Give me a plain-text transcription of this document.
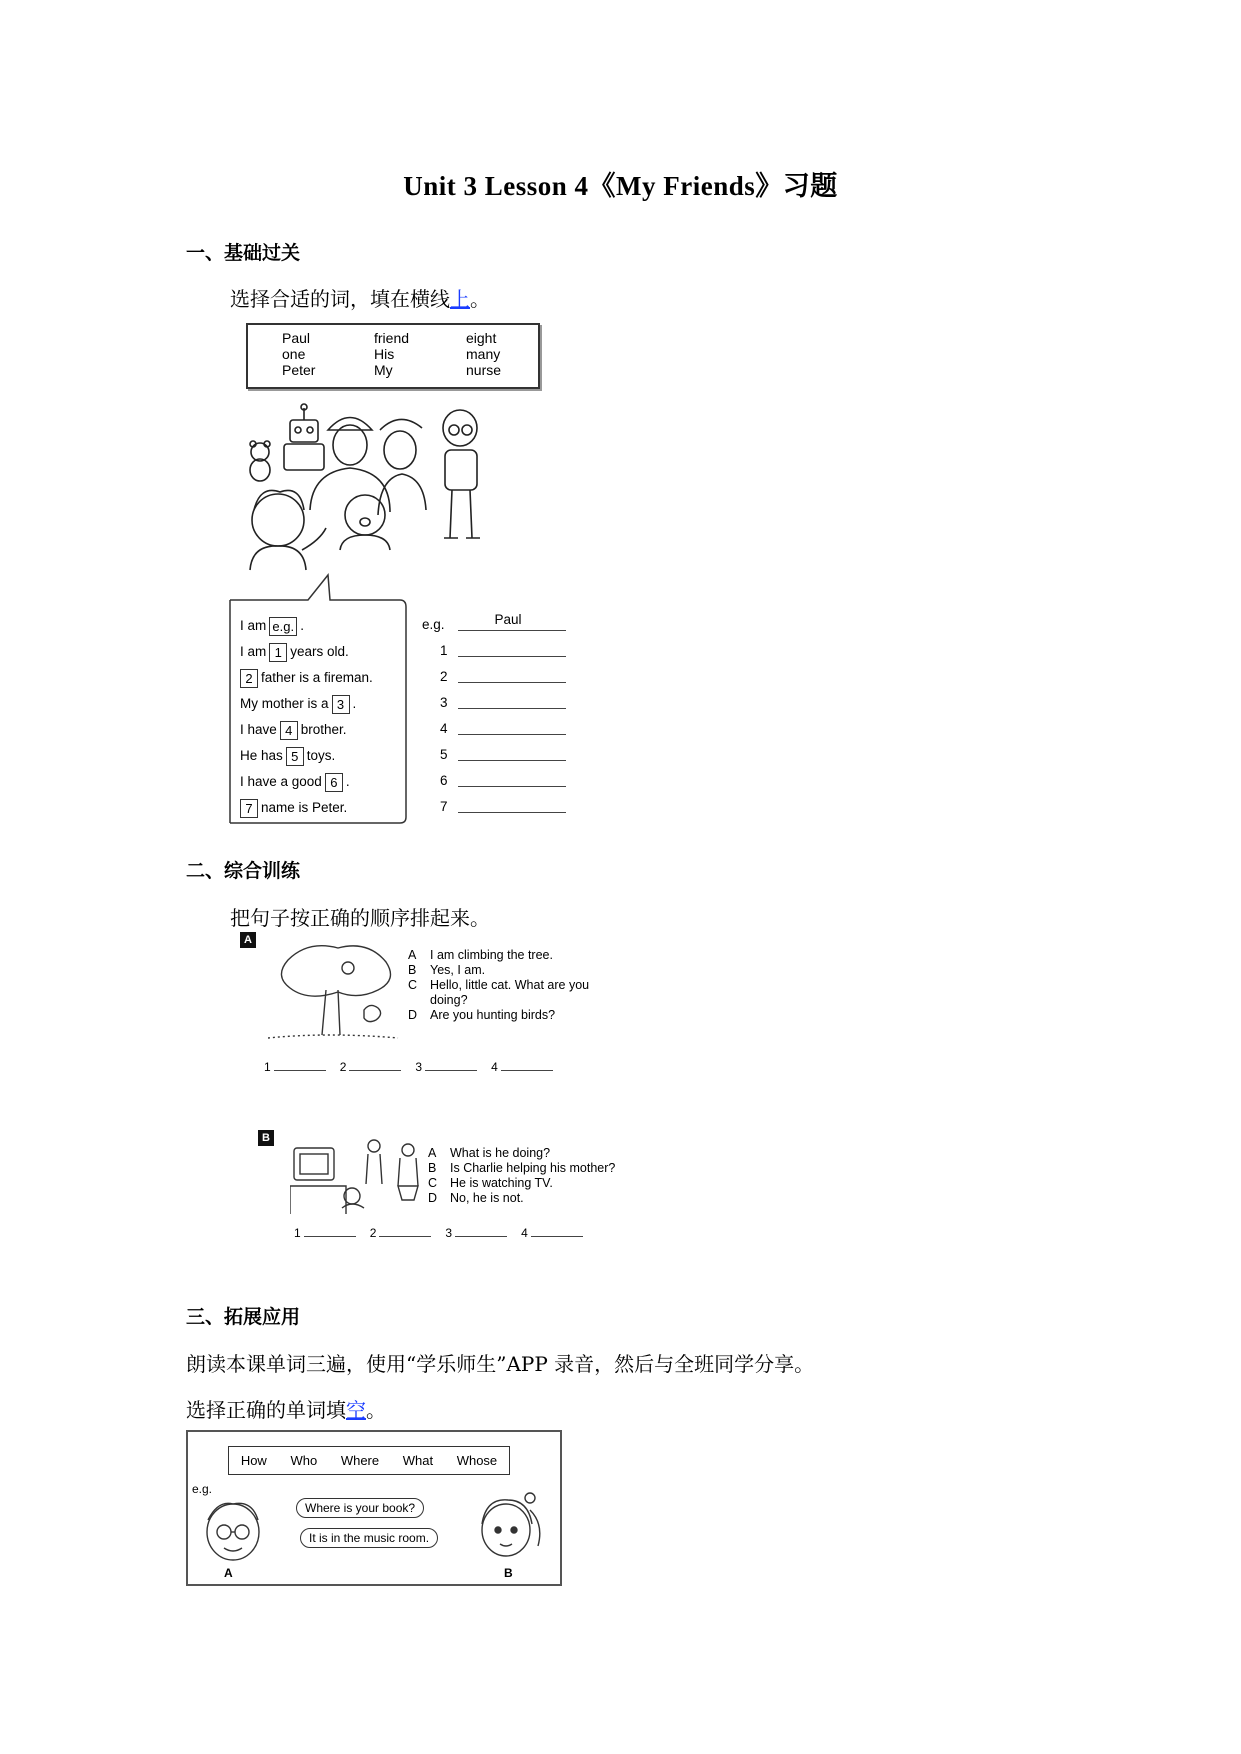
Unit 3 Lesson 4《My Friends》习题
一、基础过关
选择合适的词，填在横线上。
Paul	friend	eight
one	His	many
Peter	My	nurse
I am e.g. .
I am 1 years old.
2 father is a fireman.
My mother is a 3 .
I have 4 brother.
He has 5 toys.
I have a good 6 .
7 name is Peter.
e.g.	Paul
1
2
3
4
5
6
7
二、综合训练
把句子按正确的顺序排起来。
A
A I am climbing the tree.
B Yes, I am.
C Hello, little cat. What are you
doing?
D Are you hunting birds?
1	2	3	4
B
A What is he doing?
B Is Charlie helping his mother?
C He is watching TV.
D No, he is not.
1	2	3	4
三、拓展应用
朗读本课单词三遍，使用“学乐师生”APP 录音，然后与全班同学分享。
选择正确的单词填空。
How Who Where What Whose
e.g.
A
Where is your book?
It is in the music room.
B
